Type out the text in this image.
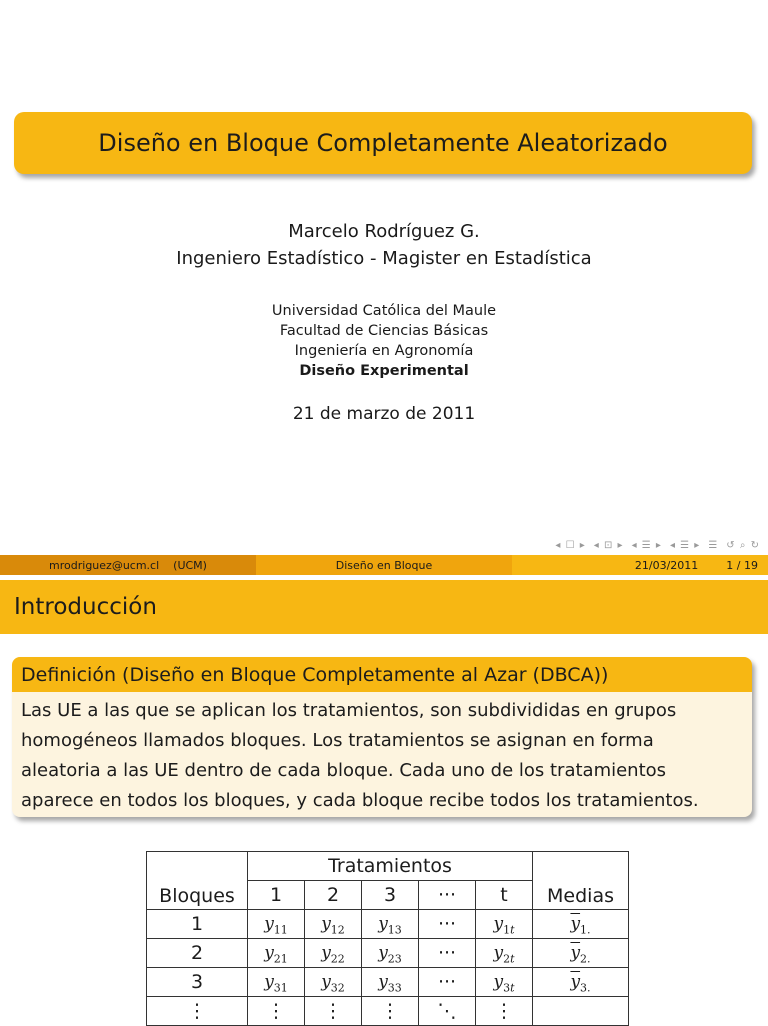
Diseño en Bloque Completamente Aleatorizado
Marcelo Rodríguez G.
Ingeniero Estadístico - Magister en Estadística
Universidad Católica del Maule
Facultad de Ciencias Básicas
Ingeniería en Agronomía
Diseño Experimental
21 de marzo de 2011
◂ ☐ ▸ ◂ ⊡ ▸ ◂ ☰ ▸ ◂ ☰ ▸ ☰ ↺ ⌕ ↻
mrodriguez@ucm.cl (UCM)	Diseño en Bloque	21/03/2011	1 / 19
Introducción
Definición (Diseño en Bloque Completamente al Azar (DBCA))
Las UE a las que se aplican los tratamientos, son subdivididas en grupos
homogéneos llamados bloques. Los tratamientos se asignan en forma
aleatoria a las UE dentro de cada bloque. Cada uno de los tratamientos
aparece en todos los bloques, y cada bloque recibe todos los tratamientos.
Bloques	Tratamientos					Medias
	1	2	3	···	t	
1	$y_{11}$	$y_{12}$	$y_{13}$	···	$y_{1t}$	$\overline{y}_{1.}$
2	$y_{21}$	$y_{22}$	$y_{23}$	···	$y_{2t}$	$\overline{y}_{2.}$
3	$y_{31}$	$y_{32}$	$y_{33}$	···	$y_{3t}$	$\overline{y}_{3.}$
⋮	⋮	⋮	⋮	⋱	⋮	
